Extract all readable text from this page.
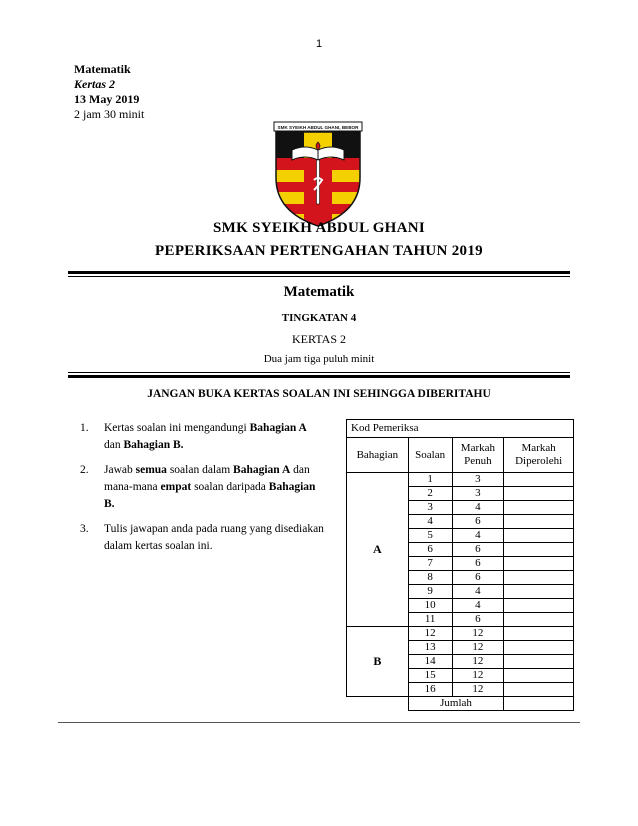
1
Matematik
Kertas 2
13 May 2019
2 jam 30 minit
SMK SYEIKH ABDUL GHANI, BEBOR
SMK SYEIKH ABDUL GHANI
PEPERIKSAAN PERTENGAHAN TAHUN 2019
Matematik
TINGKATAN 4
KERTAS 2
Dua jam tiga puluh minit
JANGAN BUKA KERTAS SOALAN INI SEHINGGA DIBERITAHU
1. Kertas soalan ini mengandungi Bahagian A dan Bahagian B.
2. Jawab semua soalan dalam Bahagian A dan mana-mana empat soalan daripada Bahagian B.
3. Tulis jawapan anda pada ruang yang disediakan dalam kertas soalan ini.
Kod Pemeriksa			
Bahagian	Soalan	Markah Penuh	Markah Diperolehi
A	1	3	
	2	3	
	3	4	
	4	6	
	5	4	
	6	6	
	7	6	
	8	6	
	9	4	
	10	4	
	11	6	
B	12	12	
	13	12	
	14	12	
	15	12	
	16	12	
	Jumlah		
